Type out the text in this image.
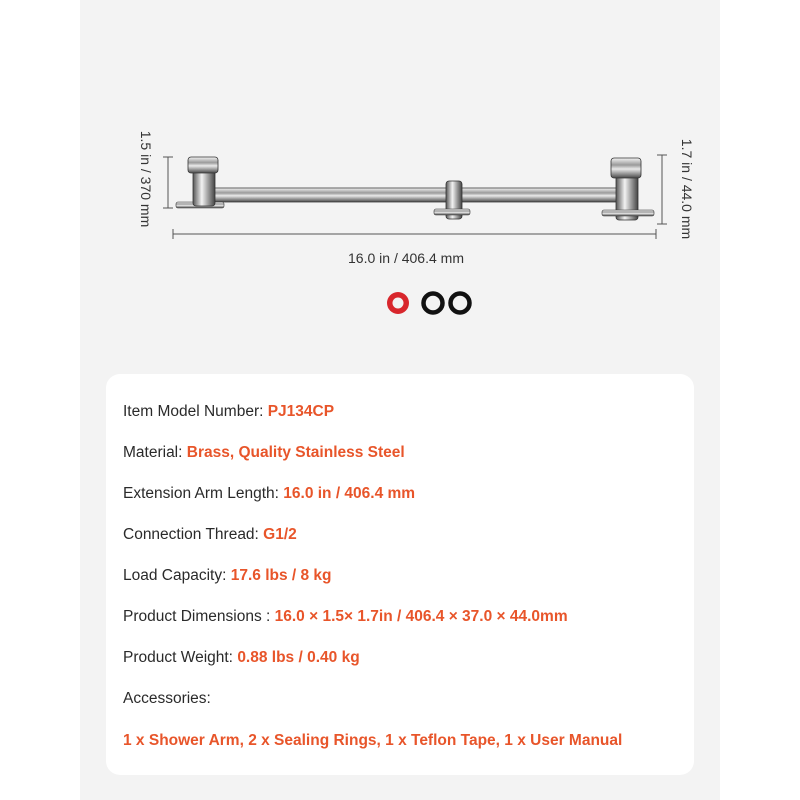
1.5 in / 370 mm	1.7 in / 44.0 mm
16.0 in / 406.4 mm
Item Model Number: PJ134CP
Material: Brass, Quality Stainless Steel
Extension Arm Length: 16.0 in / 406.4 mm
Connection Thread: G1/2
Load Capacity: 17.6 lbs / 8 kg
Product Dimensions : 16.0 × 1.5× 1.7in / 406.4 × 37.0 × 44.0mm
Product Weight: 0.88 lbs / 0.40 kg
Accessories:
1 x Shower Arm, 2 x Sealing Rings, 1 x Teflon Tape, 1 x User Manual
